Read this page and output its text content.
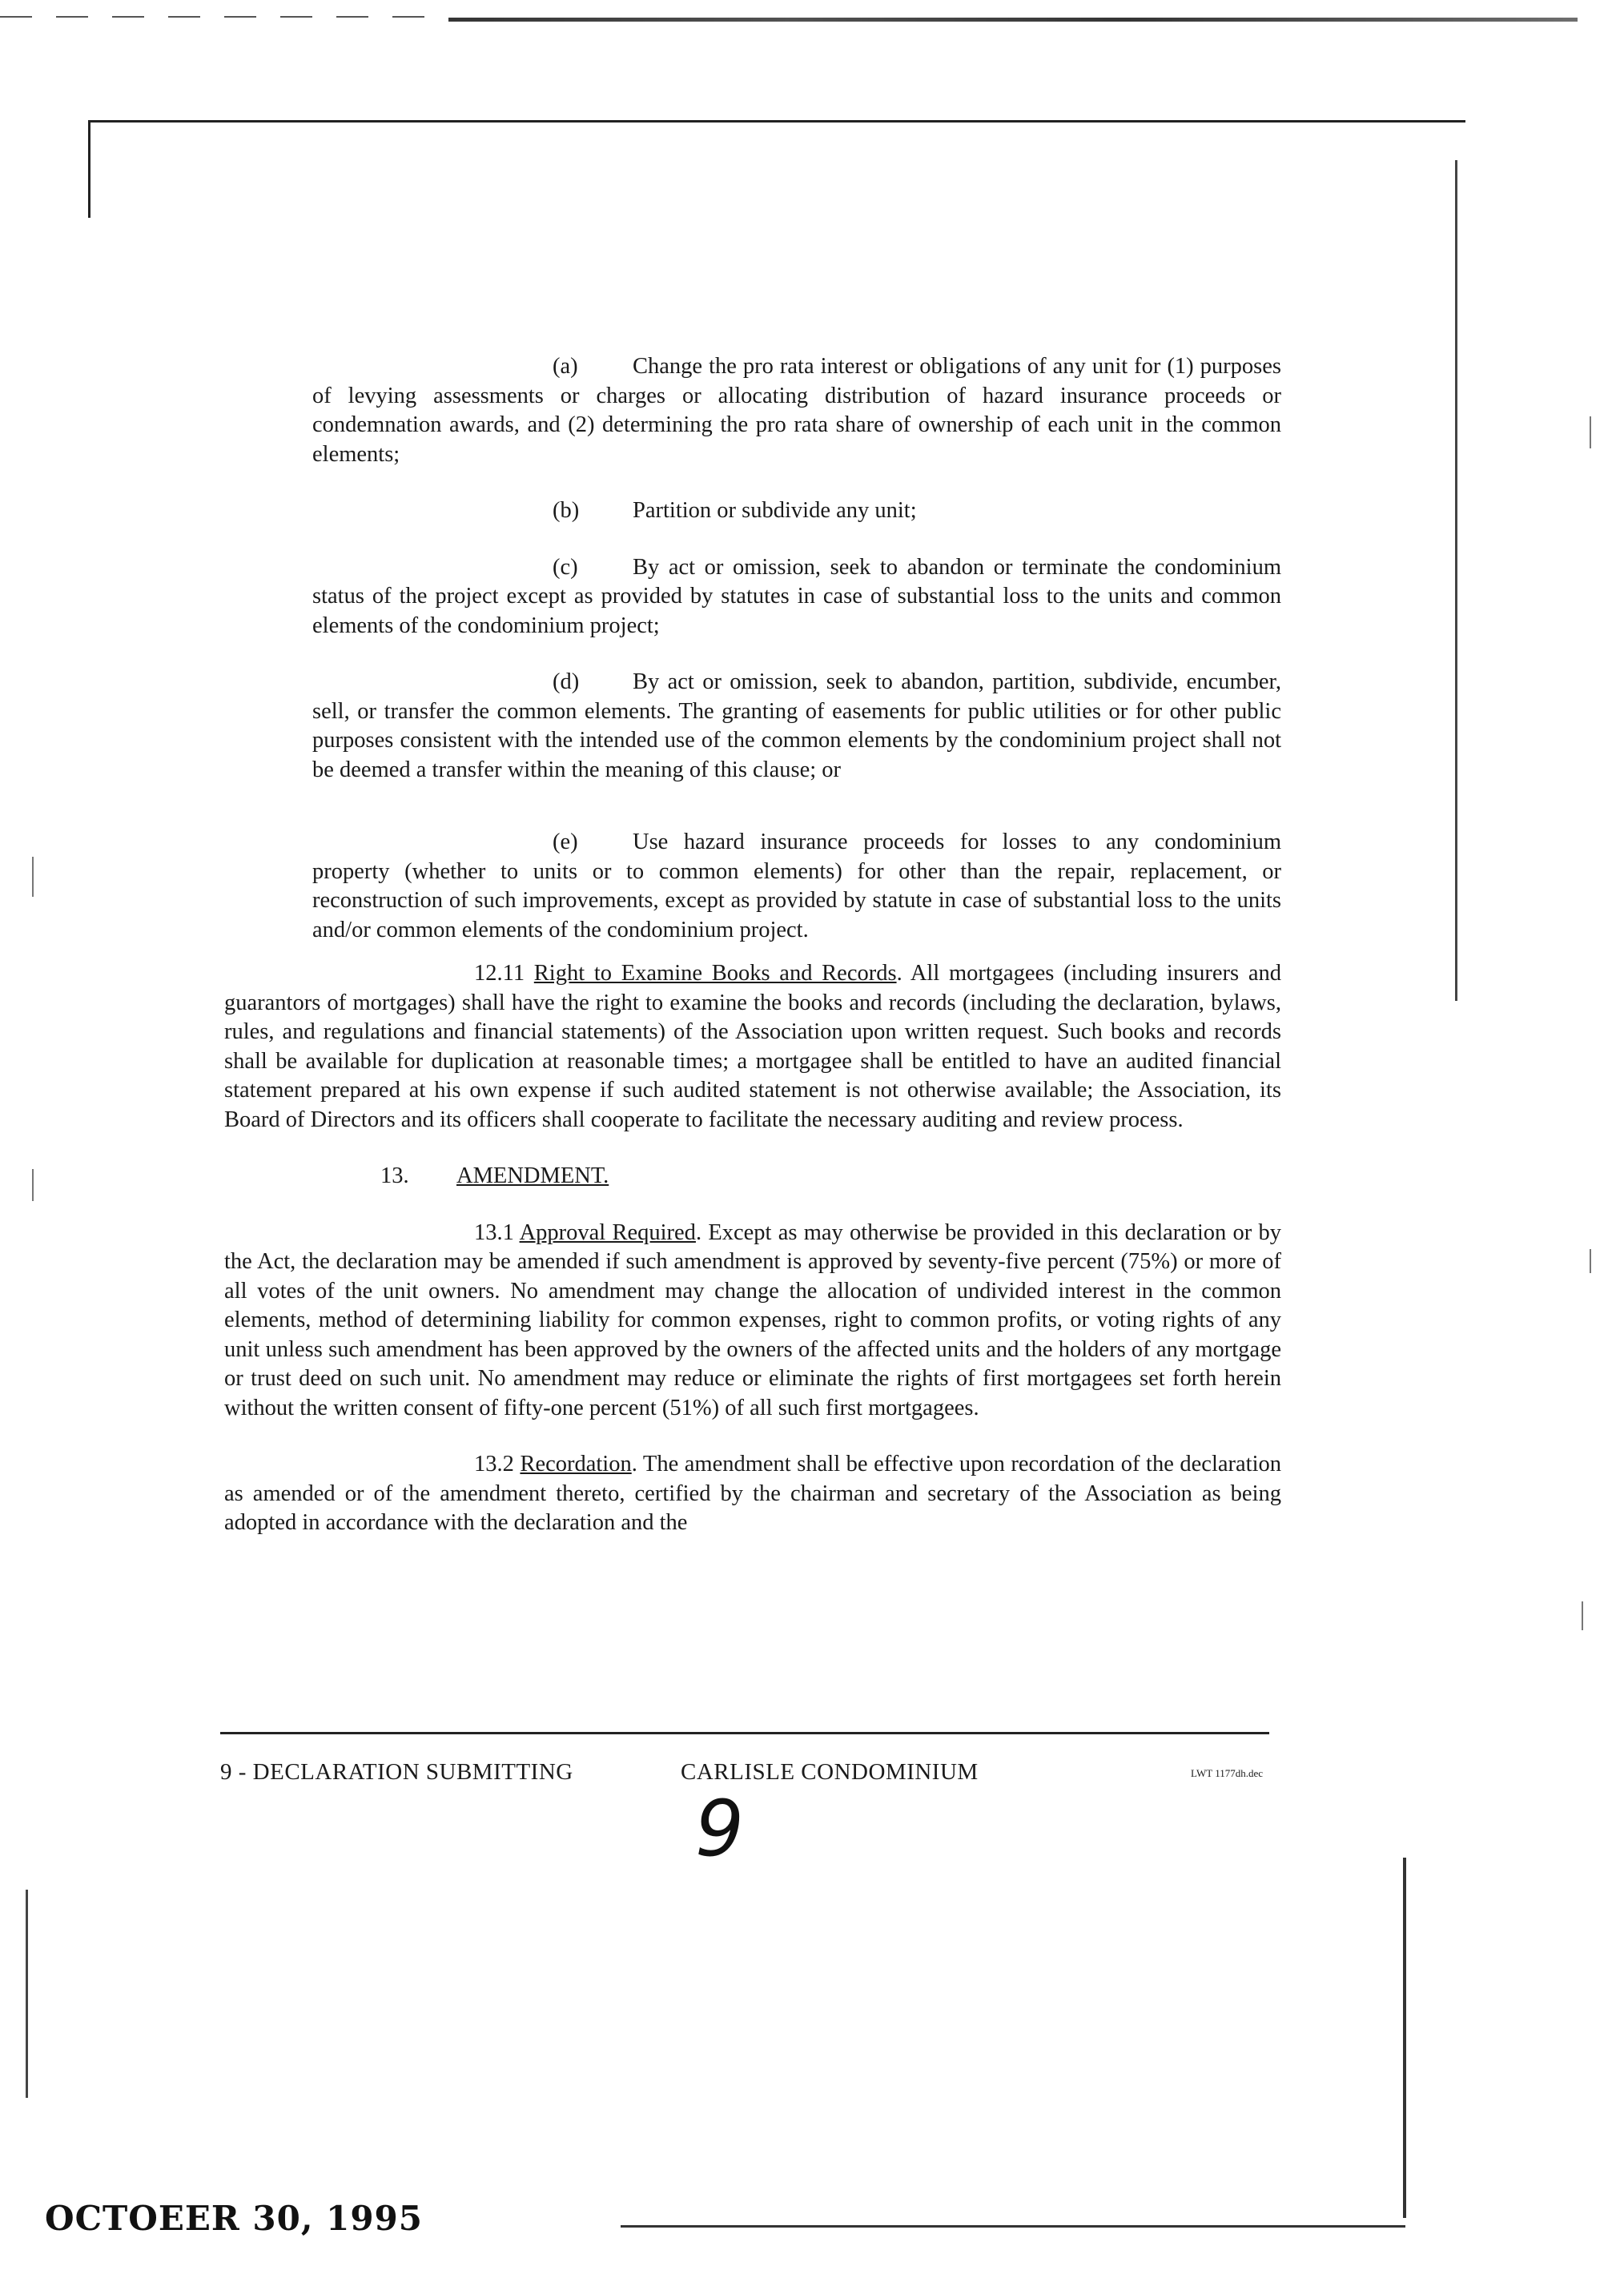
(a) Change the pro rata interest or obligations of any unit for (1) purposes of levying assessments or charges or allocating distribution of hazard insurance proceeds or condemnation awards, and (2) determining the pro rata share of ownership of each unit in the common elements;

(b) Partition or subdivide any unit;

(c) By act or omission, seek to abandon or terminate the condominium status of the project except as provided by statutes in case of substantial loss to the units and common elements of the condominium project;

(d) By act or omission, seek to abandon, partition, subdivide, encumber, sell, or transfer the common elements. The granting of easements for public utilities or for other public purposes consistent with the intended use of the common elements by the condominium project shall not be deemed a transfer within the meaning of this clause; or

(e) Use hazard insurance proceeds for losses to any condominium property (whether to units or to common elements) for other than the repair, replacement, or reconstruction of such improvements, except as provided by statute in case of substantial loss to the units and/or common elements of the condominium project.

12.11 Right to Examine Books and Records. All mortgagees (including insurers and guarantors of mortgages) shall have the right to examine the books and records (including the declaration, bylaws, rules, and regulations and financial statements) of the Association upon written request. Such books and records shall be available for duplication at reasonable times; a mortgagee shall be entitled to have an audited financial statement prepared at his own expense if such audited statement is not otherwise available; the Association, its Board of Directors and its officers shall cooperate to facilitate the necessary auditing and review process.

13. AMENDMENT.

13.1 Approval Required. Except as may otherwise be provided in this declaration or by the Act, the declaration may be amended if such amendment is approved by seventy-five percent (75%) or more of all votes of the unit owners. No amendment may change the allocation of undivided interest in the common elements, method of determining liability for common expenses, right to common profits, or voting rights of any unit unless such amendment has been approved by the owners of the affected units and the holders of any mortgage or trust deed on such unit. No amendment may reduce or eliminate the rights of first mortgagees set forth herein without the written consent of fifty-one percent (51%) of all such first mortgagees.

13.2 Recordation. The amendment shall be effective upon recordation of the declaration as amended or of the amendment thereto, certified by the chairman and secretary of the Association as being adopted in accordance with the declaration and the

9 - DECLARATION SUBMITTING	CARLISLE CONDOMINIUM	LWT 1177dh.dec
9
OCTOEER 30, 1995
